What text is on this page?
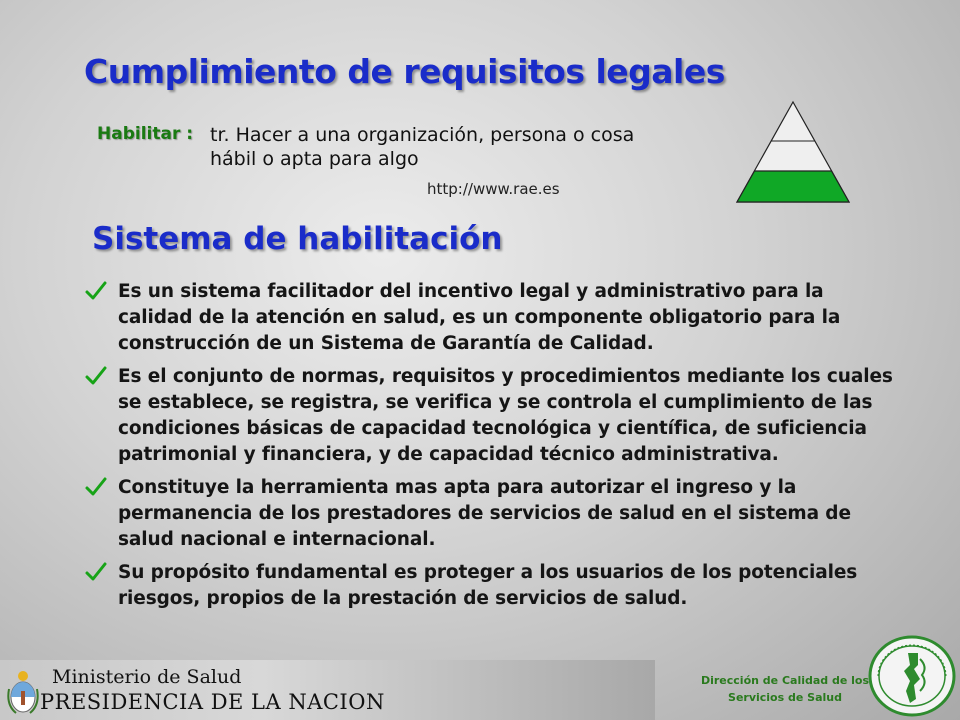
Cumplimiento de requisitos legales
Habilitar : tr. Hacer a una organización, persona o cosa
hábil o apta para algo
http://www.rae.es
Sistema de habilitación
Es un sistema facilitador del incentivo legal y administrativo para la calidad de la atención en salud, es un componente obligatorio para la construcción de un Sistema de Garantía de Calidad.
Es el conjunto de normas, requisitos y procedimientos mediante los cuales se establece, se registra, se verifica y se controla el cumplimiento de las condiciones básicas de capacidad tecnológica y científica, de suficiencia patrimonial y financiera, y de capacidad técnico administrativa.
Constituye la herramienta mas apta para autorizar el ingreso y la permanencia de los prestadores de servicios de salud en el sistema de salud nacional e internacional.
Su propósito fundamental es proteger a los usuarios de los potenciales riesgos, propios de la prestación de servicios de salud.
Ministerio de Salud
PRESIDENCIA DE LA NACION
Dirección de Calidad de los Servicios de Salud
